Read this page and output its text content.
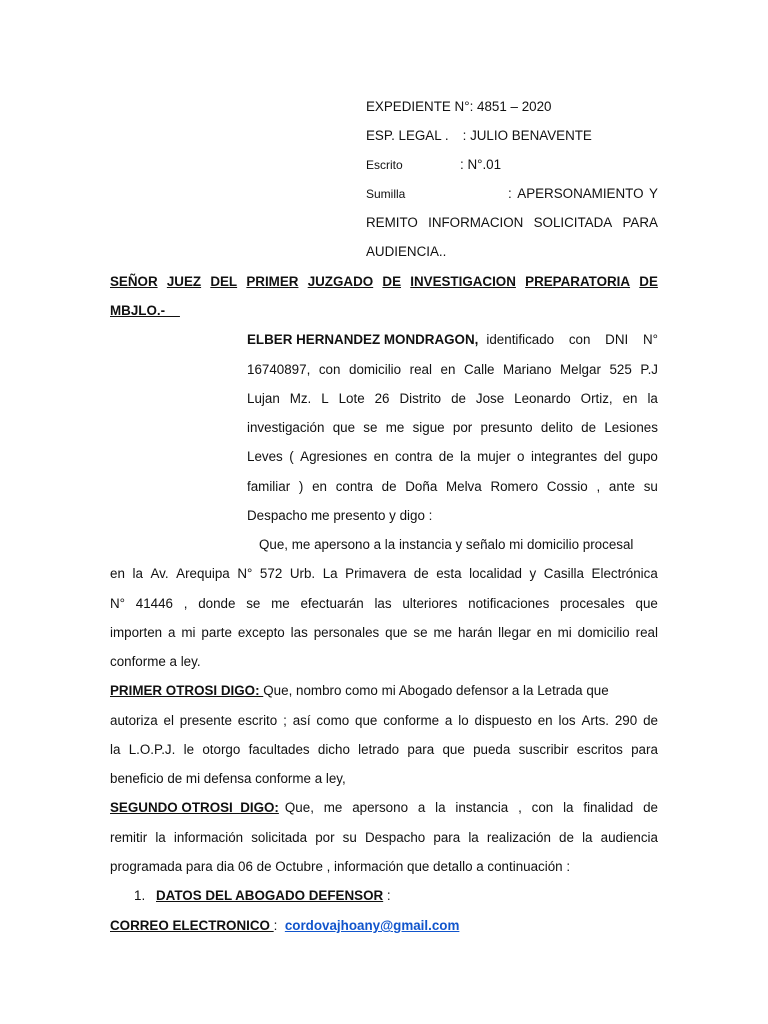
EXPEDIENTE N°: 4851 – 2020
ESP. LEGAL . : JULIO BENAVENTE
Escrito	: N°.01
Sumilla	: APERSONAMIENTO Y
REMITO INFORMACION SOLICITADA PARA
AUDIENCIA..
SEÑOR JUEZ DEL PRIMER JUZGADO DE INVESTIGACION PREPARATORIA DE
MBJLO.-
ELBER HERNANDEZ MONDRAGON, identificado con DNI N°
16740897, con domicilio real en Calle Mariano Melgar 525 P.J
Lujan Mz. L Lote 26 Distrito de Jose Leonardo Ortiz, en la
investigación que se me sigue por presunto delito de Lesiones
Leves ( Agresiones en contra de la mujer o integrantes del gupo
familiar ) en contra de Doña Melva Romero Cossio , ante su
Despacho me presento y digo :
Que, me apersono a la instancia y señalo mi domicilio procesal
en la Av. Arequipa N° 572 Urb. La Primavera de esta localidad y Casilla Electrónica
N° 41446 , donde se me efectuarán las ulteriores notificaciones procesales que
importen a mi parte excepto las personales que se me harán llegar en mi domicilio real
conforme a ley.
PRIMER OTROSI DIGO: Que, nombro como mi Abogado defensor a la Letrada que
autoriza el presente escrito ; así como que conforme a lo dispuesto en los Arts. 290 de
la L.O.P.J. le otorgo facultades dicho letrado para que pueda suscribir escritos para
beneficio de mi defensa conforme a ley,
SEGUNDO OTROSI  DIGO: Que, me apersono a la instancia , con la finalidad de
remitir la información solicitada por su Despacho para la realización de la audiencia
programada para dia 06 de Octubre , información que detallo a continuación :
1. DATOS DEL ABOGADO DEFENSOR :
CORREO ELECTRONICO :  cordovajhoany@gmail.com
